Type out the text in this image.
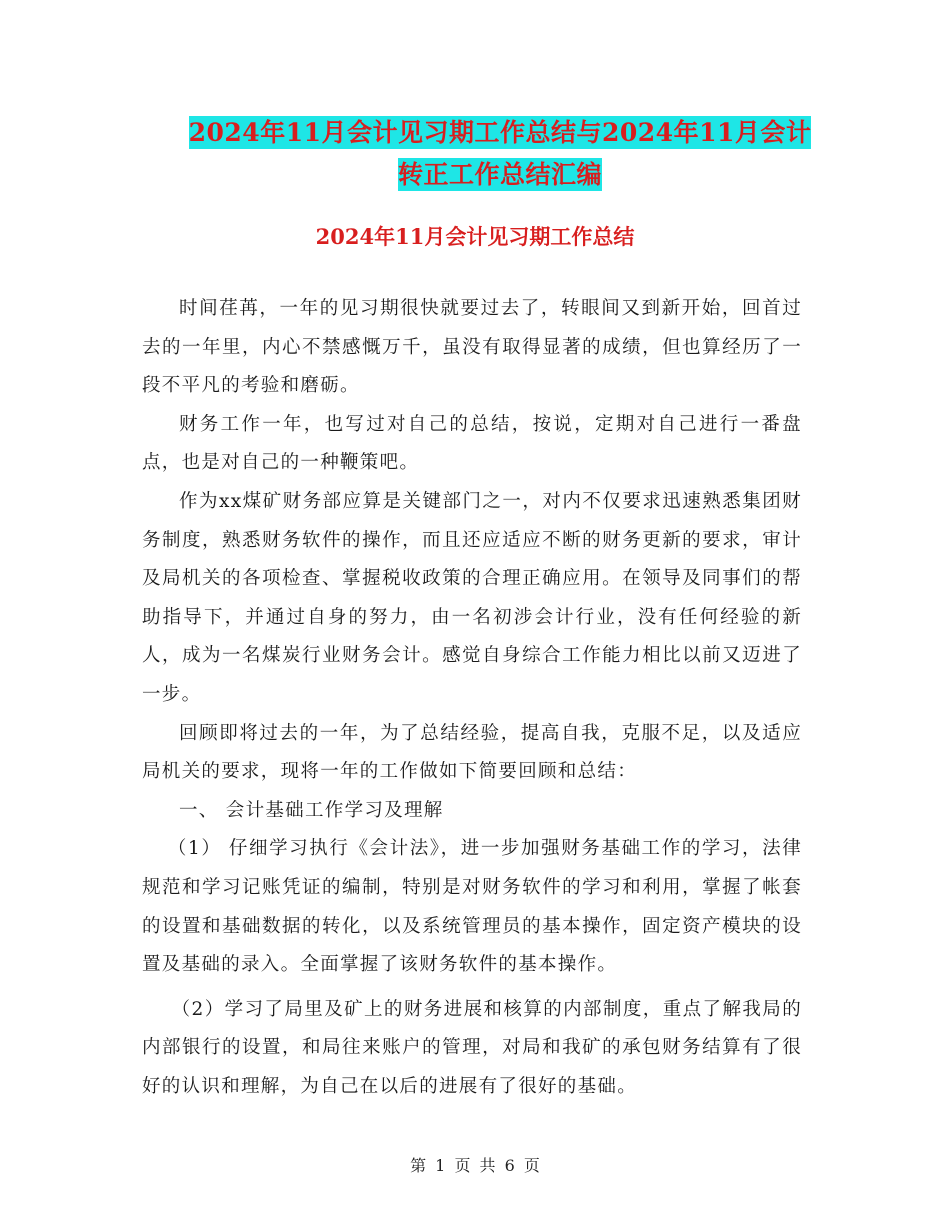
2024年11月会计见习期工作总结与2024年11月会计
转正工作总结汇编
2024年11月会计见习期工作总结

时间荏苒，一年的见习期很快就要过去了，转眼间又到新开始，回首过去的一年里，内心不禁感慨万千，虽没有取得显著的成绩，但也算经历了一段不平凡的考验和磨砺。

财务工作一年，也写过对自己的总结，按说，定期对自己进行一番盘点，也是对自己的一种鞭策吧。

作为xx煤矿财务部应算是关键部门之一，对内不仅要求迅速熟悉集团财务制度，熟悉财务软件的操作，而且还应适应不断的财务更新的要求，审计及局机关的各项检查、掌握税收政策的合理正确应用。在领导及同事们的帮助指导下，并通过自身的努力，由一名初涉会计行业，没有任何经验的新人，成为一名煤炭行业财务会计。感觉自身综合工作能力相比以前又迈进了一步。

回顾即将过去的一年，为了总结经验，提高自我，克服不足，以及适应局机关的要求，现将一年的工作做如下简要回顾和总结：

一、 会计基础工作学习及理解

（1） 仔细学习执行《会计法》，进一步加强财务基础工作的学习，法律规范和学习记账凭证的编制，特别是对财务软件的学习和利用，掌握了帐套的设置和基础数据的转化，以及系统管理员的基本操作，固定资产模块的设置及基础的录入。全面掌握了该财务软件的基本操作。

（2）学习了局里及矿上的财务进展和核算的内部制度，重点了解我局的内部银行的设置，和局往来账户的管理，对局和我矿的承包财务结算有了很好的认识和理解，为自己在以后的进展有了很好的基础。

第 1 页 共 6 页
